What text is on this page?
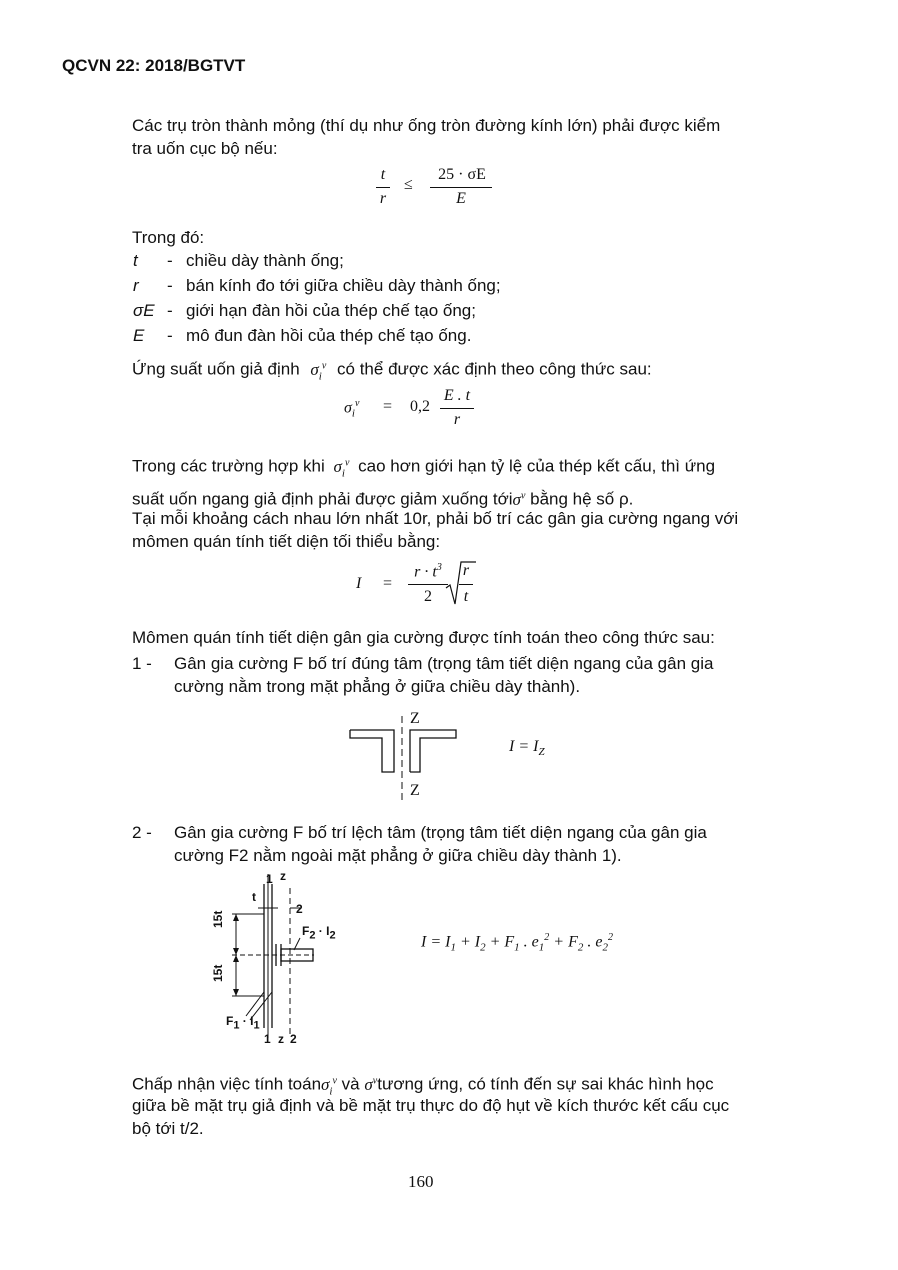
QCVN 22: 2018/BGTVT
Các trụ tròn thành mỏng (thí dụ như ống tròn đường kính lớn) phải được kiểm
tra uốn cục bộ nếu:
t
r
≤
25 · σE
E
Trong đó:
t - chiều dày thành ống;
r - bán kính đo tới giữa chiều dày thành ống;
σE - giới hạn đàn hồi của thép chế tạo ống;
E - mô đun đàn hồi của thép chế tạo ống.
Ứng suất uốn giả định $\sigma_i^v$ có thể được xác định theo công thức sau:
$\sigma_i^v = 0,2$
E . t
r
Trong các trường hợp khi $\sigma_i^v$ cao hơn giới hạn tỷ lệ của thép kết cấu, thì ứng
suất uốn ngang giả định phải được giảm xuống tớiσ$^v$ bằng hệ số ρ.
Tại mỗi khoảng cách nhau lớn nhất 10r, phải bố trí các gân gia cường ngang với
mômen quán tính tiết diện tối thiểu bằng:
I =
$r \cdot t^3$
2
r
t
Mômen quán tính tiết diện gân gia cường được tính toán theo công thức sau:
1 - Gân gia cường F bố trí đúng tâm (trọng tâm tiết diện ngang của gân gia
cường nằm trong mặt phẳng ở giữa chiều dày thành).
Z
Z
$I = I_Z$
2 - Gân gia cường F bố trí lệch tâm (trọng tâm tiết diện ngang của gân gia
cường F2 nằm ngoài mặt phẳng ở giữa chiều dày thành 1).
1 z
t
2
F2 · I2
15t
15t
F1 · I1
1 z 2
$I = I_1 + I_2 + F_1$ . $e_1^2 + F_2$ . $e_2^2$
Chấp nhận việc tính toánσ$_i^v$ và $\sigma^vtương$ ứng, có tính đến sự sai khác hình học
giữa bề mặt trụ giả định và bề mặt trụ thực do độ hụt về kích thước kết cấu cục
bộ tới t/2.
160
